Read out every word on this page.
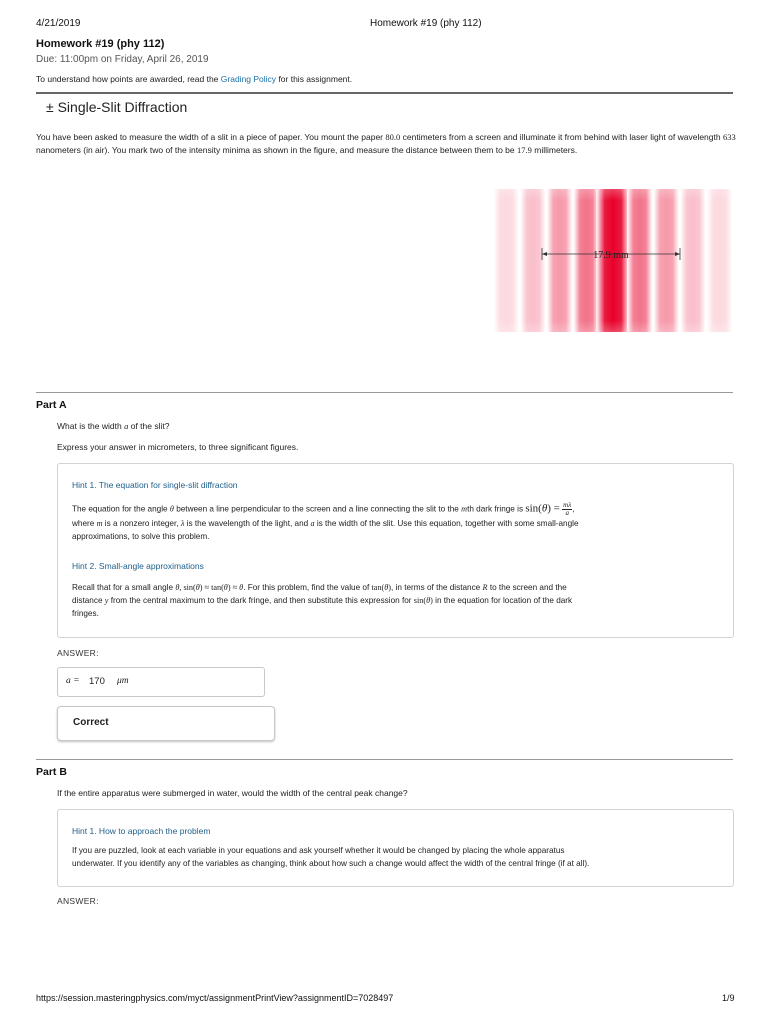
4/21/2019	Homework #19 (phy 112)
Homework #19 (phy 112)
Due: 11:00pm on Friday, April 26, 2019
To understand how points are awarded, read the Grading Policy for this assignment.
± Single-Slit Diffraction
You have been asked to measure the width of a slit in a piece of paper. You mount the paper 80.0 centimeters from a screen and illuminate it from behind with laser light of wavelength 633 nanometers (in air). You mark two of the intensity minima as shown in the figure, and measure the distance between them to be 17.9 millimeters.
17.9 mm
Part A
What is the width a of the slit?
Express your answer in micrometers, to three significant figures.
Hint 1. The equation for single-slit diffraction
The equation for the angle θ between a line perpendicular to the screen and a line connecting the slit to the mth dark fringe is $\sin(\theta) = \frac{m\lambda}{a}$ ,
where m is a nonzero integer, λ is the wavelength of the light, and a is the width of the slit. Use this equation, together with some small-angle
approximations, to solve this problem.
Hint 2. Small-angle approximations
Recall that for a small angle θ, sin(θ) ≈ tan(θ) ≈ θ. For this problem, find the value of tan(θ), in terms of the distance R to the screen and the
distance y from the central maximum to the dark fringe, and then substitute this expression for sin(θ) in the equation for location of the dark
fringes.
ANSWER:
a = 170 μm
Correct
Part B
If the entire apparatus were submerged in water, would the width of the central peak change?
Hint 1. How to approach the problem
If you are puzzled, look at each variable in your equations and ask yourself whether it would be changed by placing the whole apparatus
underwater. If you identify any of the variables as changing, think about how such a change would affect the width of the central fringe (if at all).
ANSWER:
https://session.masteringphysics.com/myct/assignmentPrintView?assignmentID=7028497	1/9
